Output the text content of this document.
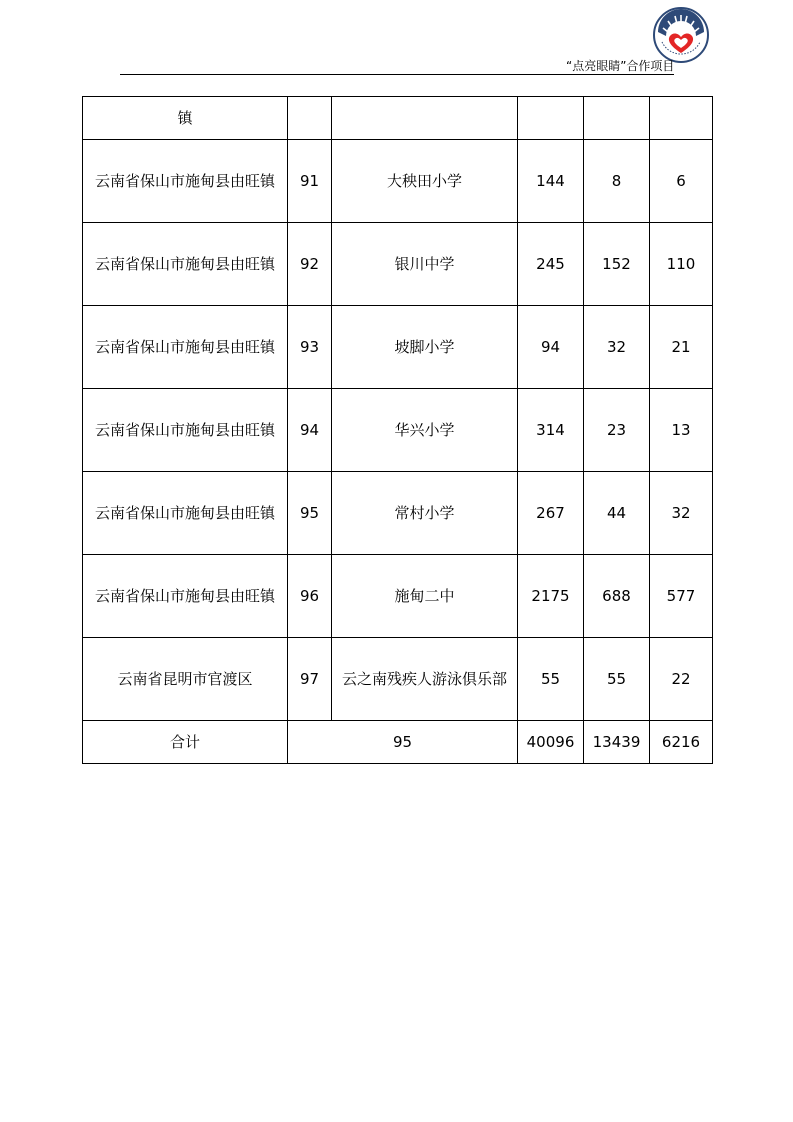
“点亮眼睛”合作项目
镇					
云南省保山市施甸县由旺镇	91	大秧田小学	144	8	6
云南省保山市施甸县由旺镇	92	银川中学	245	152	110
云南省保山市施甸县由旺镇	93	坡脚小学	94	32	21
云南省保山市施甸县由旺镇	94	华兴小学	314	23	13
云南省保山市施甸县由旺镇	95	常村小学	267	44	32
云南省保山市施甸县由旺镇	96	施甸二中	2175	688	577
云南省昆明市官渡区	97	云之南残疾人游泳俱乐部	55	55	22
合计	95		40096	13439	6216
